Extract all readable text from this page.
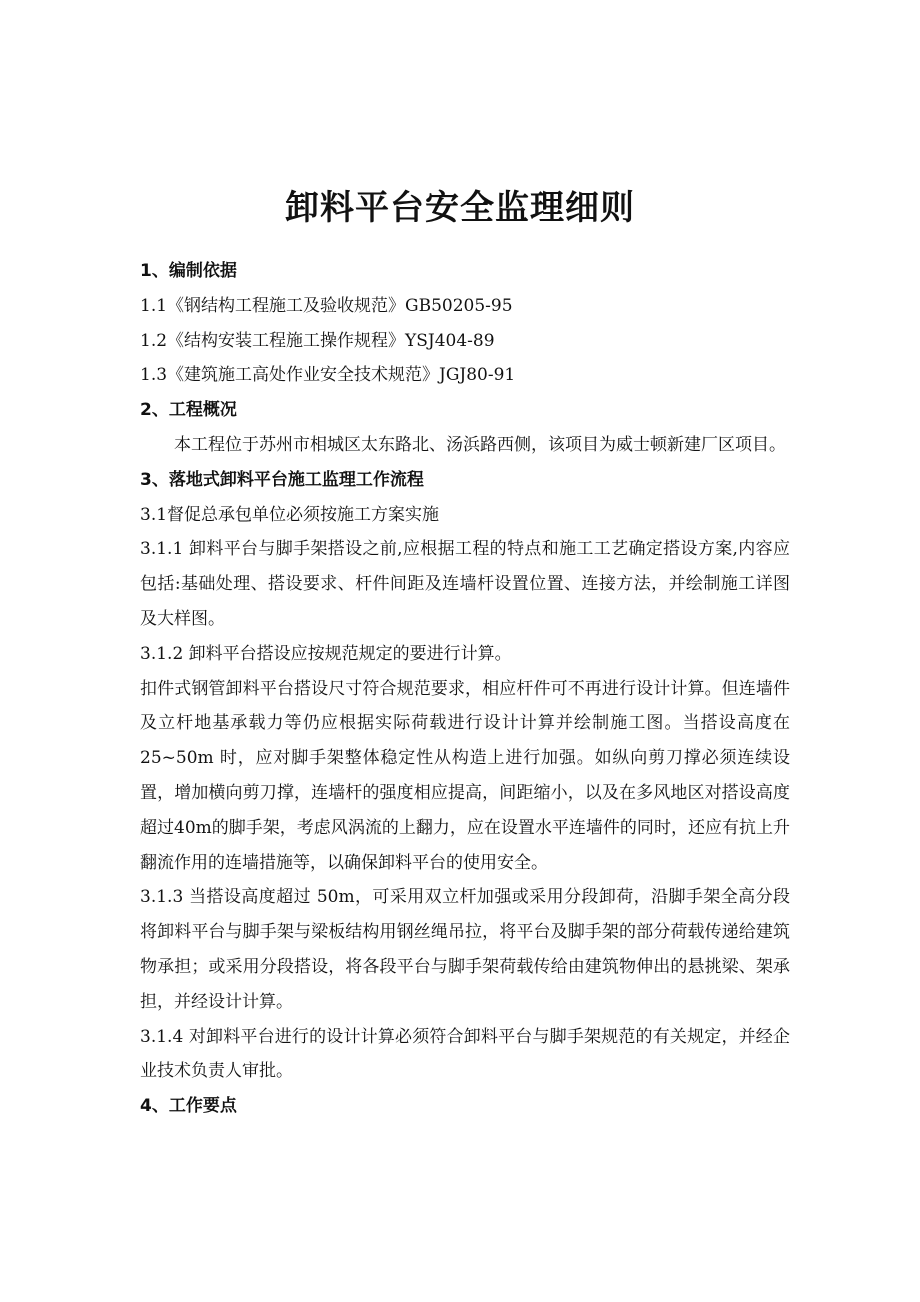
卸料平台安全监理细则

1、编制依据

1.1《钢结构工程施工及验收规范》GB50205-95

1.2《结构安装工程施工操作规程》YSJ404-89

1.3《建筑施工高处作业安全技术规范》JGJ80-91

2、工程概况

本工程位于苏州市相城区太东路北、汤浜路西侧，该项目为威士顿新建厂区项目。

3、落地式卸料平台施工监理工作流程

3.1督促总承包单位必须按施工方案实施

3.1.1 卸料平台与脚手架搭设之前,应根据工程的特点和施工工艺确定搭设方案,内容应包括:基础处理、搭设要求、杆件间距及连墙杆设置位置、连接方法，并绘制施工详图及大样图。

3.1.2 卸料平台搭设应按规范规定的要进行计算。

扣件式钢管卸料平台搭设尺寸符合规范要求，相应杆件可不再进行设计计算。但连墙件及立杆地基承载力等仍应根据实际荷载进行设计计算并绘制施工图。当搭设高度在 25~50m 时，应对脚手架整体稳定性从构造上进行加强。如纵向剪刀撑必须连续设置，增加横向剪刀撑，连墙杆的强度相应提高，间距缩小，以及在多风地区对搭设高度超过40m的脚手架，考虑风涡流的上翻力，应在设置水平连墙件的同时，还应有抗上升翻流作用的连墙措施等，以确保卸料平台的使用安全。

3.1.3 当搭设高度超过 50m，可采用双立杆加强或采用分段卸荷，沿脚手架全高分段将卸料平台与脚手架与梁板结构用钢丝绳吊拉，将平台及脚手架的部分荷载传递给建筑物承担；或采用分段搭设，将各段平台与脚手架荷载传给由建筑物伸出的悬挑梁、架承担，并经设计计算。

3.1.4 对卸料平台进行的设计计算必须符合卸料平台与脚手架规范的有关规定，并经企业技术负责人审批。

4、工作要点
